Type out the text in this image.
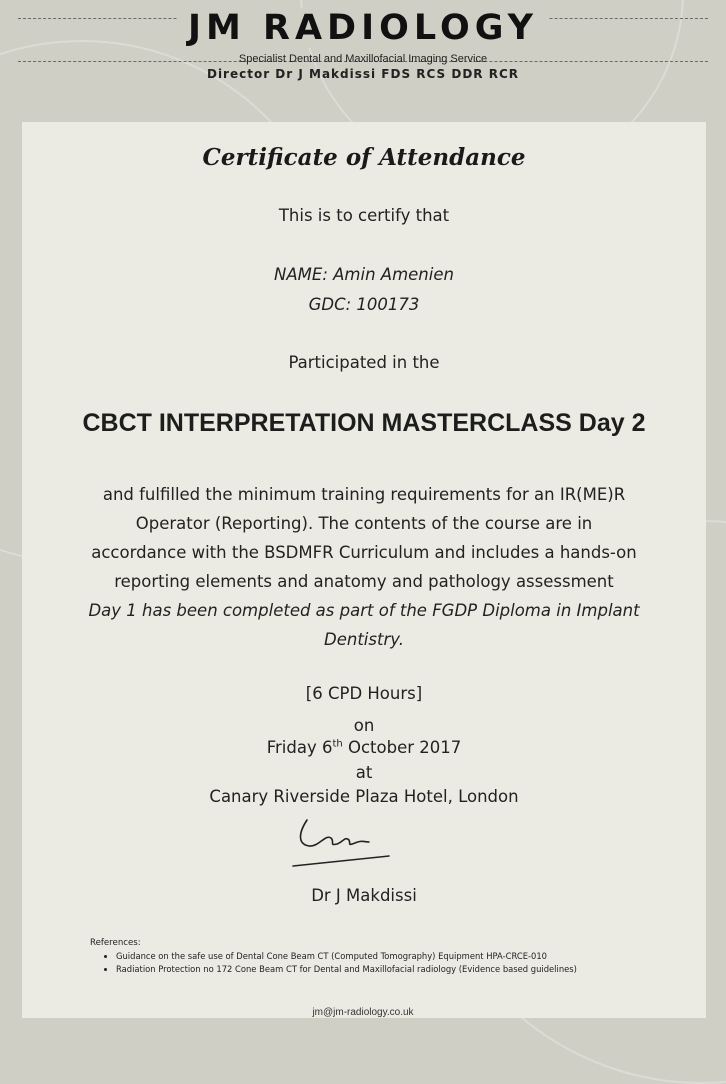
JM RADIOLOGY
Specialist Dental and Maxillofacial Imaging Service
Director Dr J Makdissi FDS RCS DDR RCR
Certificate of Attendance
This is to certify that
NAME: Amin Amenien
GDC: 100173
Participated in the
CBCT INTERPRETATION MASTERCLASS Day 2
and fulfilled the minimum training requirements for an IR(ME)R
Operator (Reporting). The contents of the course are in
accordance with the BSDMFR Curriculum and includes a hands-on
reporting elements and anatomy and pathology assessment
Day 1 has been completed as part of the FGDP Diploma in Implant
Dentistry.
[6 CPD Hours]
on
Friday 6th October 2017
at
Canary Riverside Plaza Hotel, London
Dr J Makdissi
References:
• Guidance on the safe use of Dental Cone Beam CT (Computed Tomography) Equipment HPA-CRCE-010
• Radiation Protection no 172 Cone Beam CT for Dental and Maxillofacial radiology (Evidence based guidelines)
jm@jm-radiology.co.uk
